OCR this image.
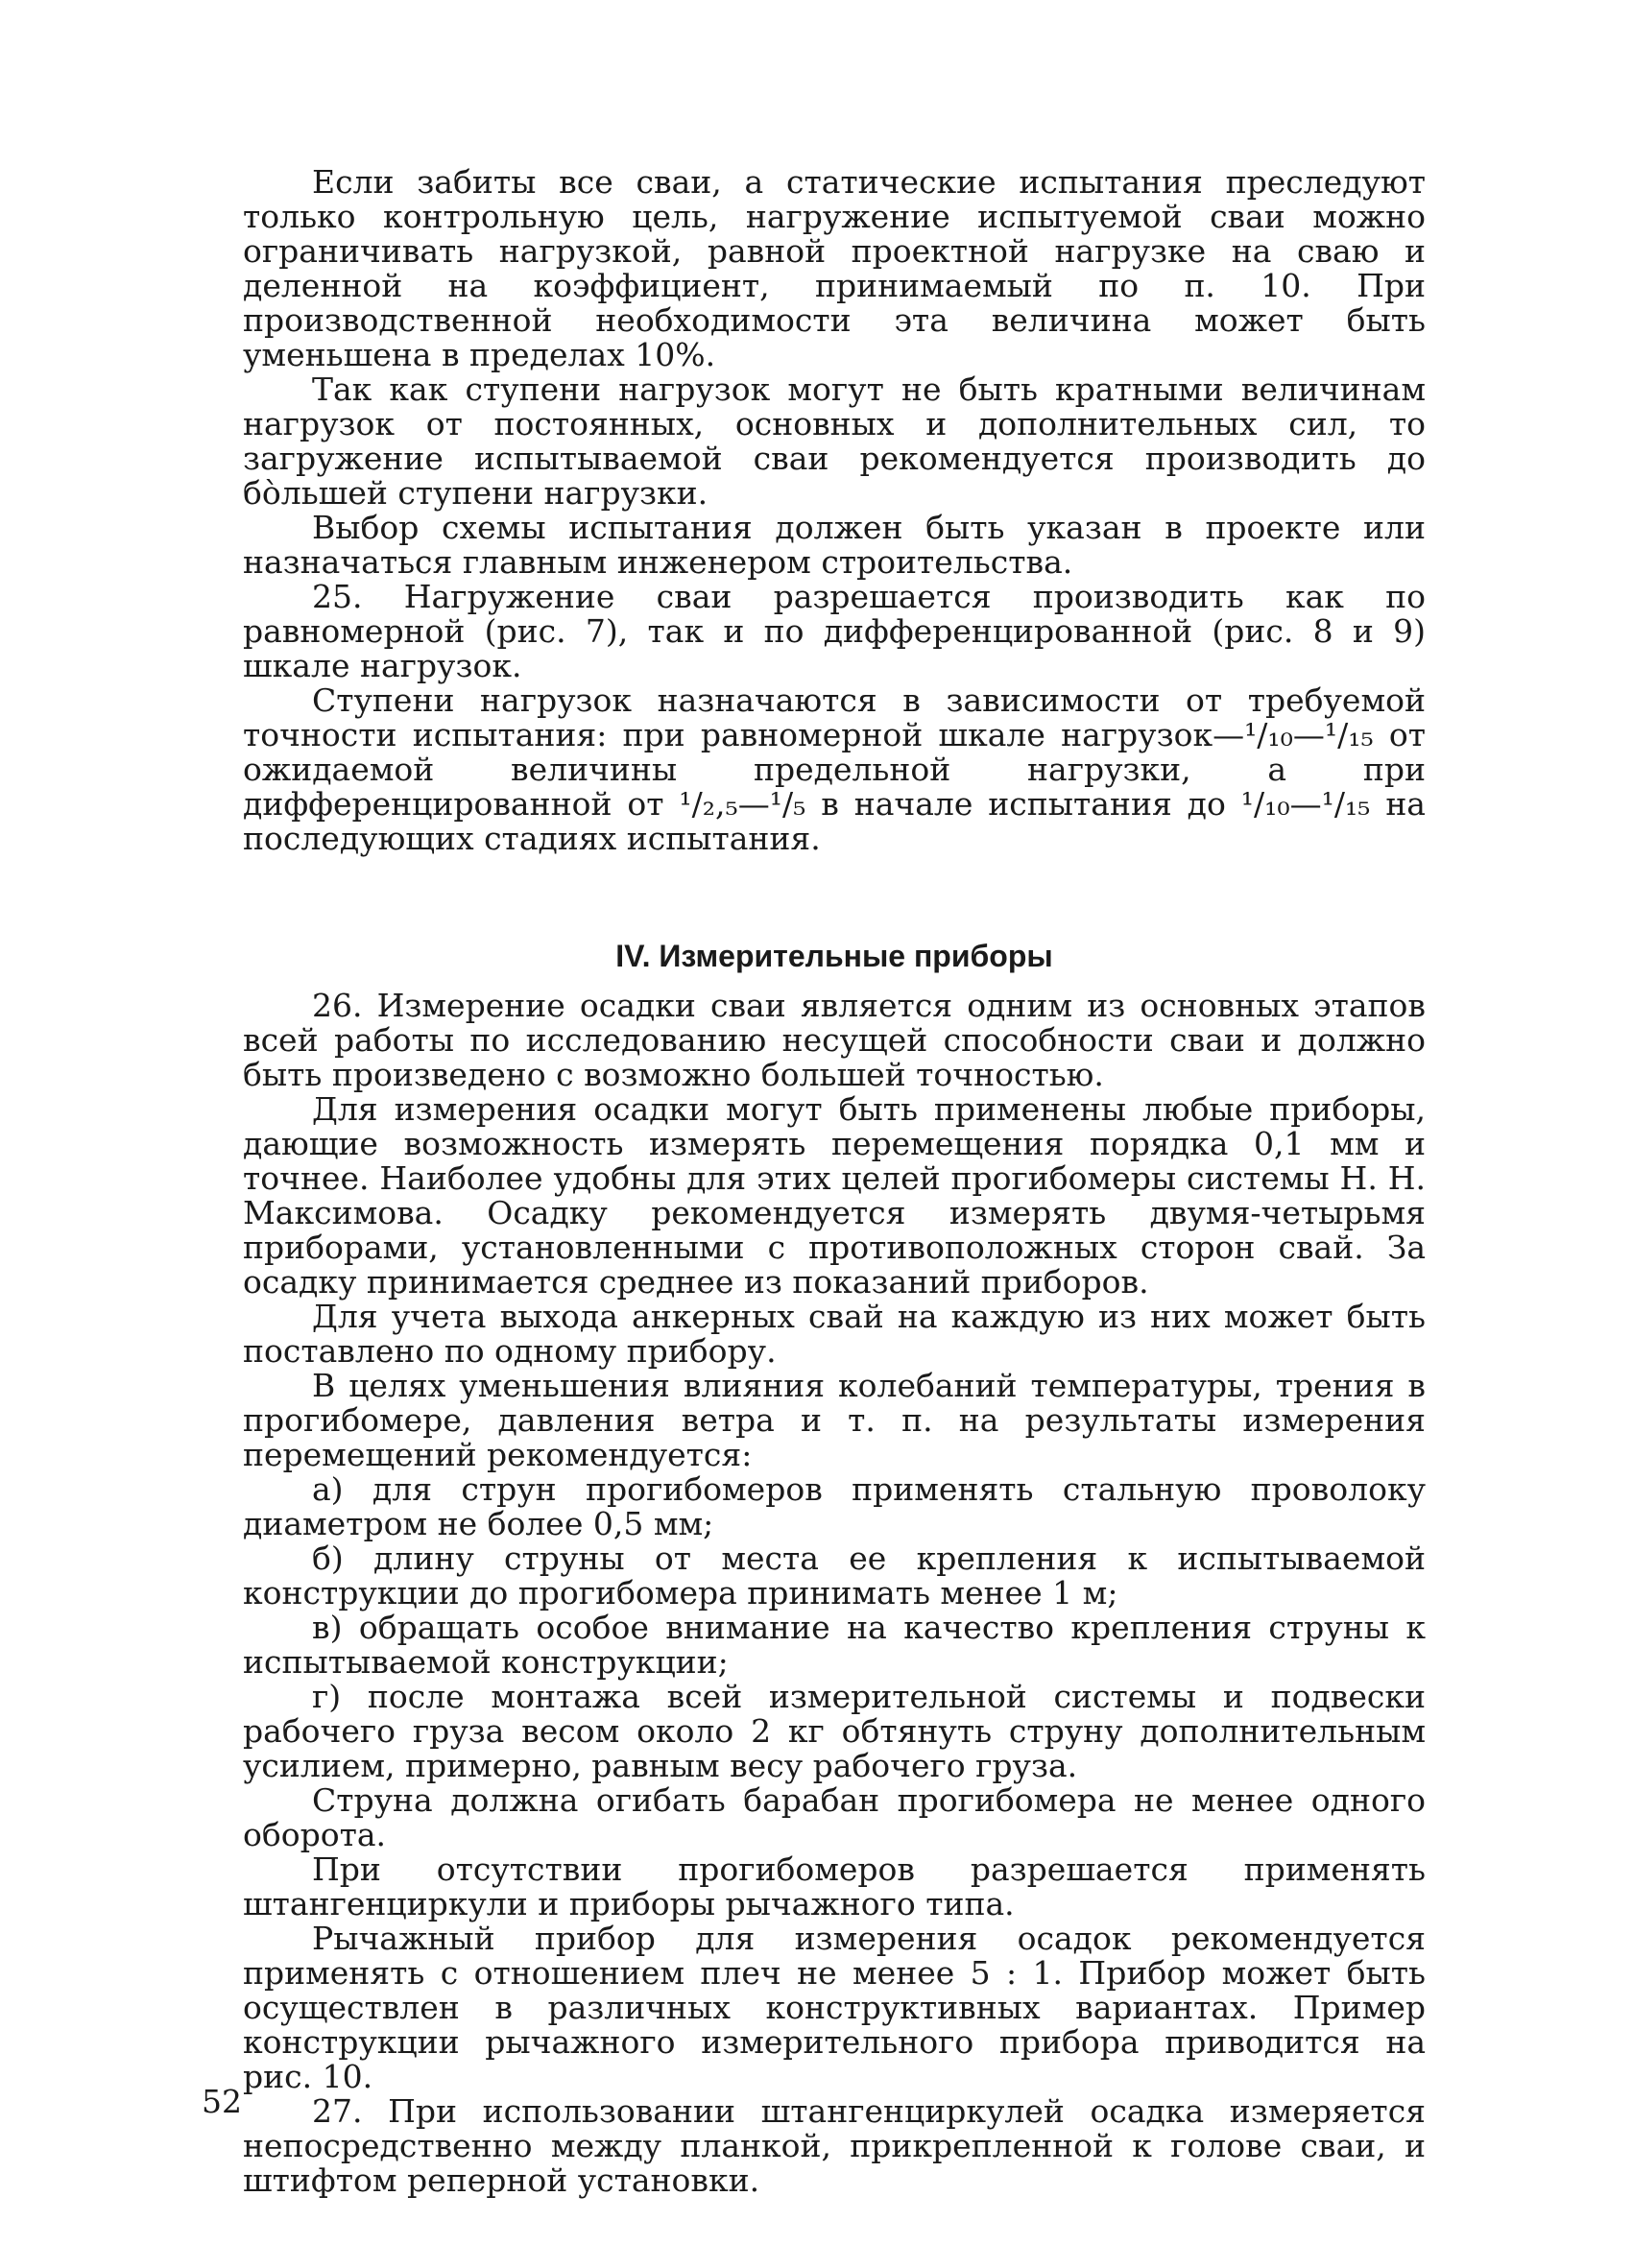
Если забиты все сваи, а статические испытания преследуют только контрольную цель, нагружение испытуемой сваи можно ограничивать нагрузкой, равной проектной нагрузке на сваю и деленной на коэффициент, принимаемый по п. 10. При производственной необходимости эта величина может быть уменьшена в пределах 10%.

Так как ступени нагрузок могут не быть кратными величинам нагрузок от постоянных, основных и дополнительных сил, то загружение испытываемой сваи рекомендуется производить до бо̀льшей ступени нагрузки.

Выбор схемы испытания должен быть указан в проекте или назначаться главным инженером строительства.

25. Нагружение сваи разрешается производить как по равномерной (рис. 7), так и по дифференцированной (рис. 8 и 9) шкале нагрузок.

Ступени нагрузок назначаются в зависимости от требуемой точности испытания: при равномерной шкале нагрузок—¹/₁₀—¹/₁₅ от ожидаемой величины предельной нагрузки, а при дифференцированной от ¹/₂,₅—¹/₅ в начале испытания до ¹/₁₀—¹/₁₅ на последующих стадиях испытания.

IV. Измерительные приборы

26. Измерение осадки сваи является одним из основных этапов всей работы по исследованию несущей способности сваи и должно быть произведено с возможно большей точностью.

Для измерения осадки могут быть применены любые приборы, дающие возможность измерять перемещения порядка 0,1 мм и точнее. Наиболее удобны для этих целей прогибомеры системы Н. Н. Максимова. Осадку рекомендуется измерять двумя-четырьмя приборами, установленными с противоположных сторон свай. За осадку принимается среднее из показаний приборов.

Для учета выхода анкерных свай на каждую из них может быть поставлено по одному прибору.

В целях уменьшения влияния колебаний температуры, трения в прогибомере, давления ветра и т. п. на результаты измерения перемещений рекомендуется:

а) для струн прогибомеров применять стальную проволоку диаметром не более 0,5 мм;

б) длину струны от места ее крепления к испытываемой конструкции до прогибомера принимать менее 1 м;

в) обращать особое внимание на качество крепления струны к испытываемой конструкции;

г) после монтажа всей измерительной системы и подвески рабочего груза весом около 2 кг обтянуть струну дополнительным усилием, примерно, равным весу рабочего груза.

Струна должна огибать барабан прогибомера не менее одного оборота.

При отсутствии прогибомеров разрешается применять штангенциркули и приборы рычажного типа.

Рычажный прибор для измерения осадок рекомендуется применять с отношением плеч не менее 5 : 1. Прибор может быть осуществлен в различных конструктивных вариантах. Пример конструкции рычажного измерительного прибора приводится на рис. 10.

27. При использовании штангенциркулей осадка измеряется непосредственно между планкой, прикрепленной к голове сваи, и штифтом реперной установки.

52
